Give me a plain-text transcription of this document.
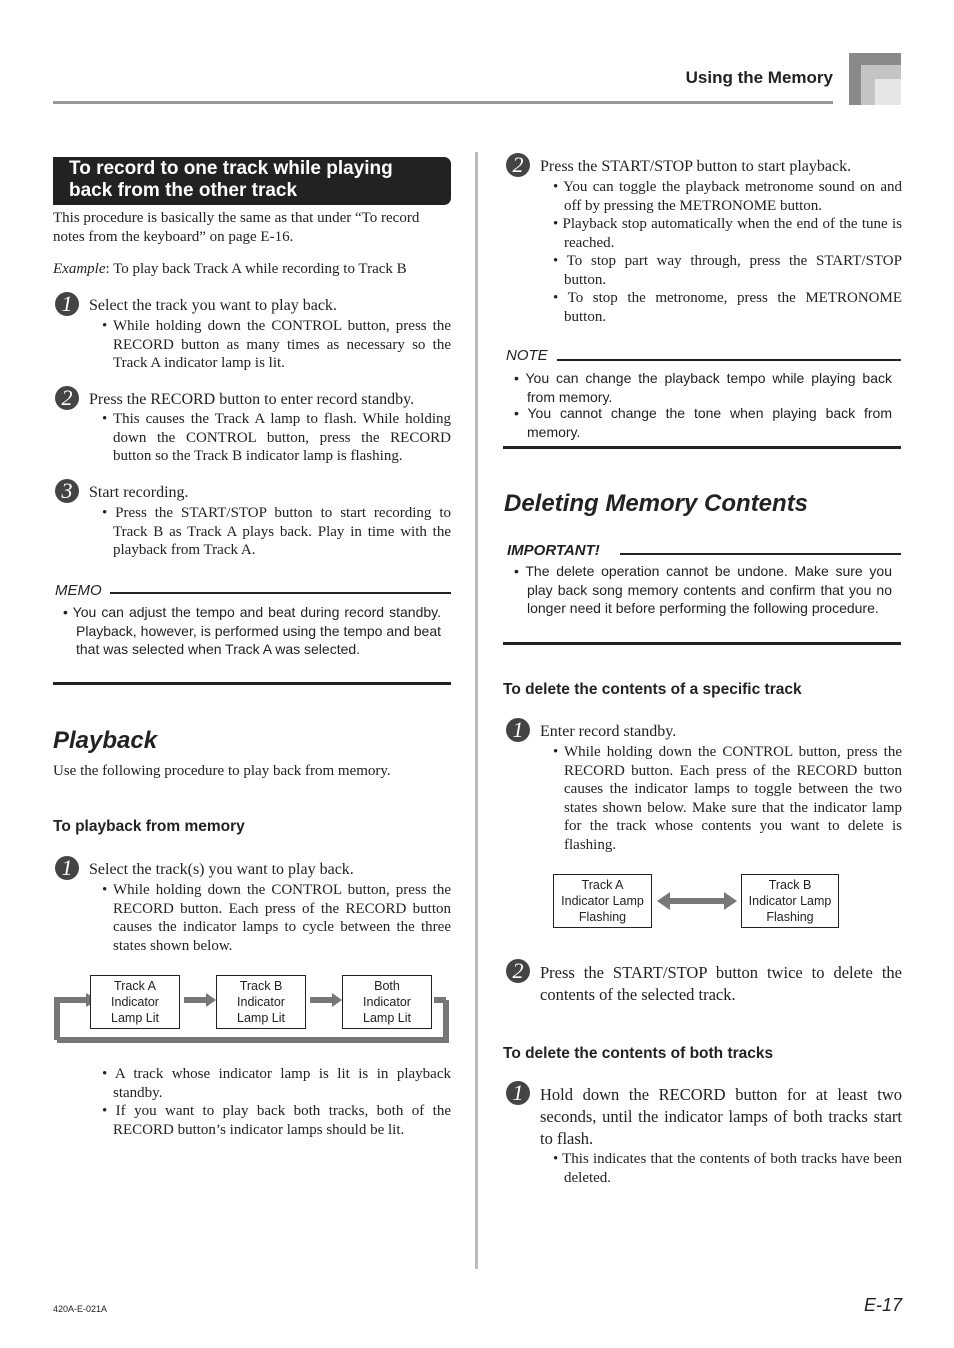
Using the Memory
To record to one track while playing
back from the other track
This procedure is basically the same as that under “To record
notes from the keyboard” on page E-16.
Example: To play back Track A while recording to Track B
1	Select the track you want to play back.
• While holding down the CONTROL button, press the RECORD button as many times as necessary so the Track A indicator lamp is lit.
2	Press the RECORD button to enter record standby.
• This causes the Track A lamp to flash. While holding down the CONTROL button, press the RECORD button so the Track B indicator lamp is flashing.
3	Start recording.
• Press the START/STOP button to start recording to Track B as Track A plays back. Play in time with the playback from Track A.
MEMO
• You can adjust the tempo and beat during record standby. Playback, however, is performed using the tempo and beat that was selected when Track A was selected.
Playback
Use the following procedure to play back from memory.
To playback from memory
1	Select the track(s) you want to play back.
• While holding down the CONTROL button, press the RECORD button. Each press of the RECORD button causes the indicator lamps to cycle between the three states shown below.
Track A
Indicator
Lamp Lit
Track B
Indicator
Lamp Lit
Both
Indicator
Lamp Lit
• A track whose indicator lamp is lit is in playback standby.
• If you want to play back both tracks, both of the RECORD button’s indicator lamps should be lit.
2	Press the START/STOP button to start playback.
• You can toggle the playback metronome sound on and off by pressing the METRONOME button.
• Playback stop automatically when the end of the tune is reached.
• To stop part way through, press the START/STOP button.
• To stop the metronome, press the METRONOME button.
NOTE
• You can change the playback tempo while playing back from memory.
• You cannot change the tone when playing back from memory.
Deleting Memory Contents
IMPORTANT!
• The delete operation cannot be undone. Make sure you play back song memory contents and confirm that you no longer need it before performing the following procedure.
To delete the contents of a specific track
1	Enter record standby.
• While holding down the CONTROL button, press the RECORD button. Each press of the RECORD button causes the indicator lamps to toggle between the two states shown below. Make sure that the indicator lamp for the track whose contents you want to delete is flashing.
Track A
Indicator Lamp
Flashing
Track B
Indicator Lamp
Flashing
2	Press the START/STOP button twice to delete the contents of the selected track.
To delete the contents of both tracks
1	Hold down the RECORD button for at least two seconds, until the indicator lamps of both tracks start to flash.
• This indicates that the contents of both tracks have been deleted.
420A-E-021A	E-17
